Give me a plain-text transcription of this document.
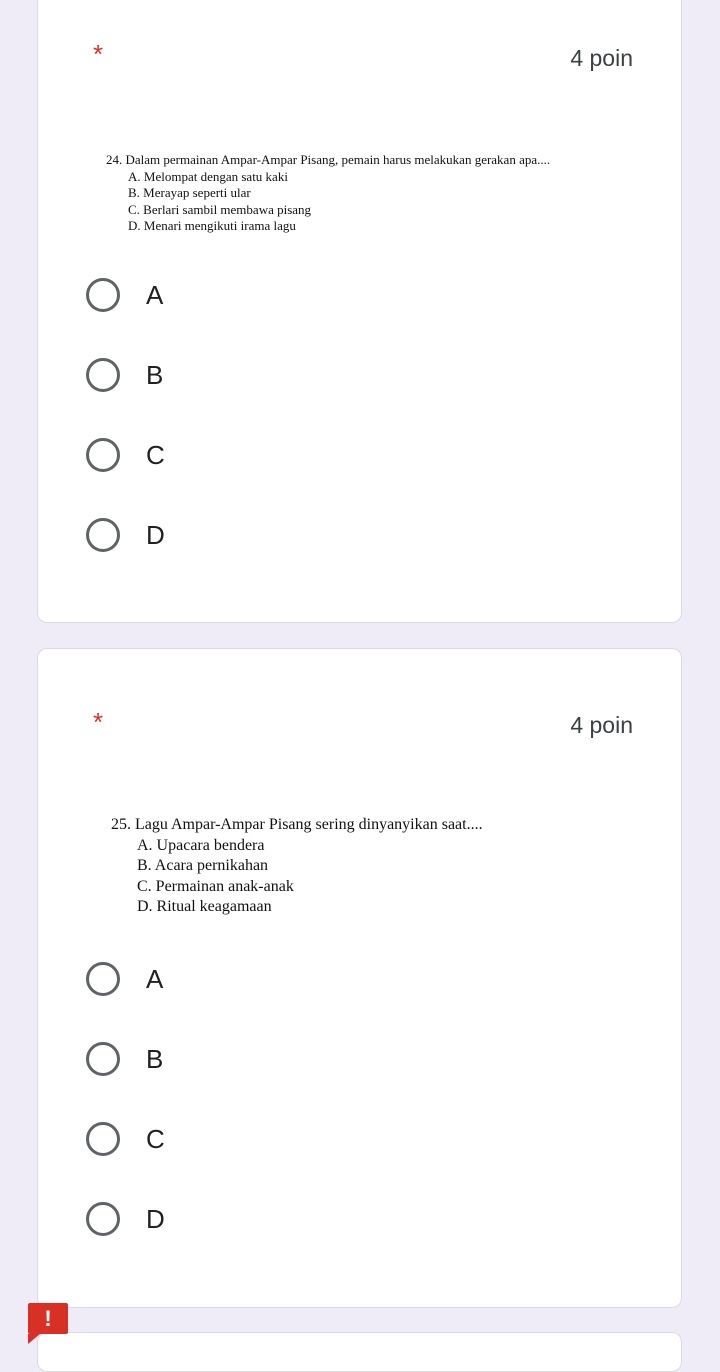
*	4 poin
24. Dalam permainan Ampar-Ampar Pisang, pemain harus melakukan gerakan apa....
A. Melompat dengan satu kaki
B. Merayap seperti ular
C. Berlari sambil membawa pisang
D. Menari mengikuti irama lagu
A
B
C
D
*	4 poin
25. Lagu Ampar-Ampar Pisang sering dinyanyikan saat....
A. Upacara bendera
B. Acara pernikahan
C. Permainan anak-anak
D. Ritual keagamaan
A
B
C
D
!
